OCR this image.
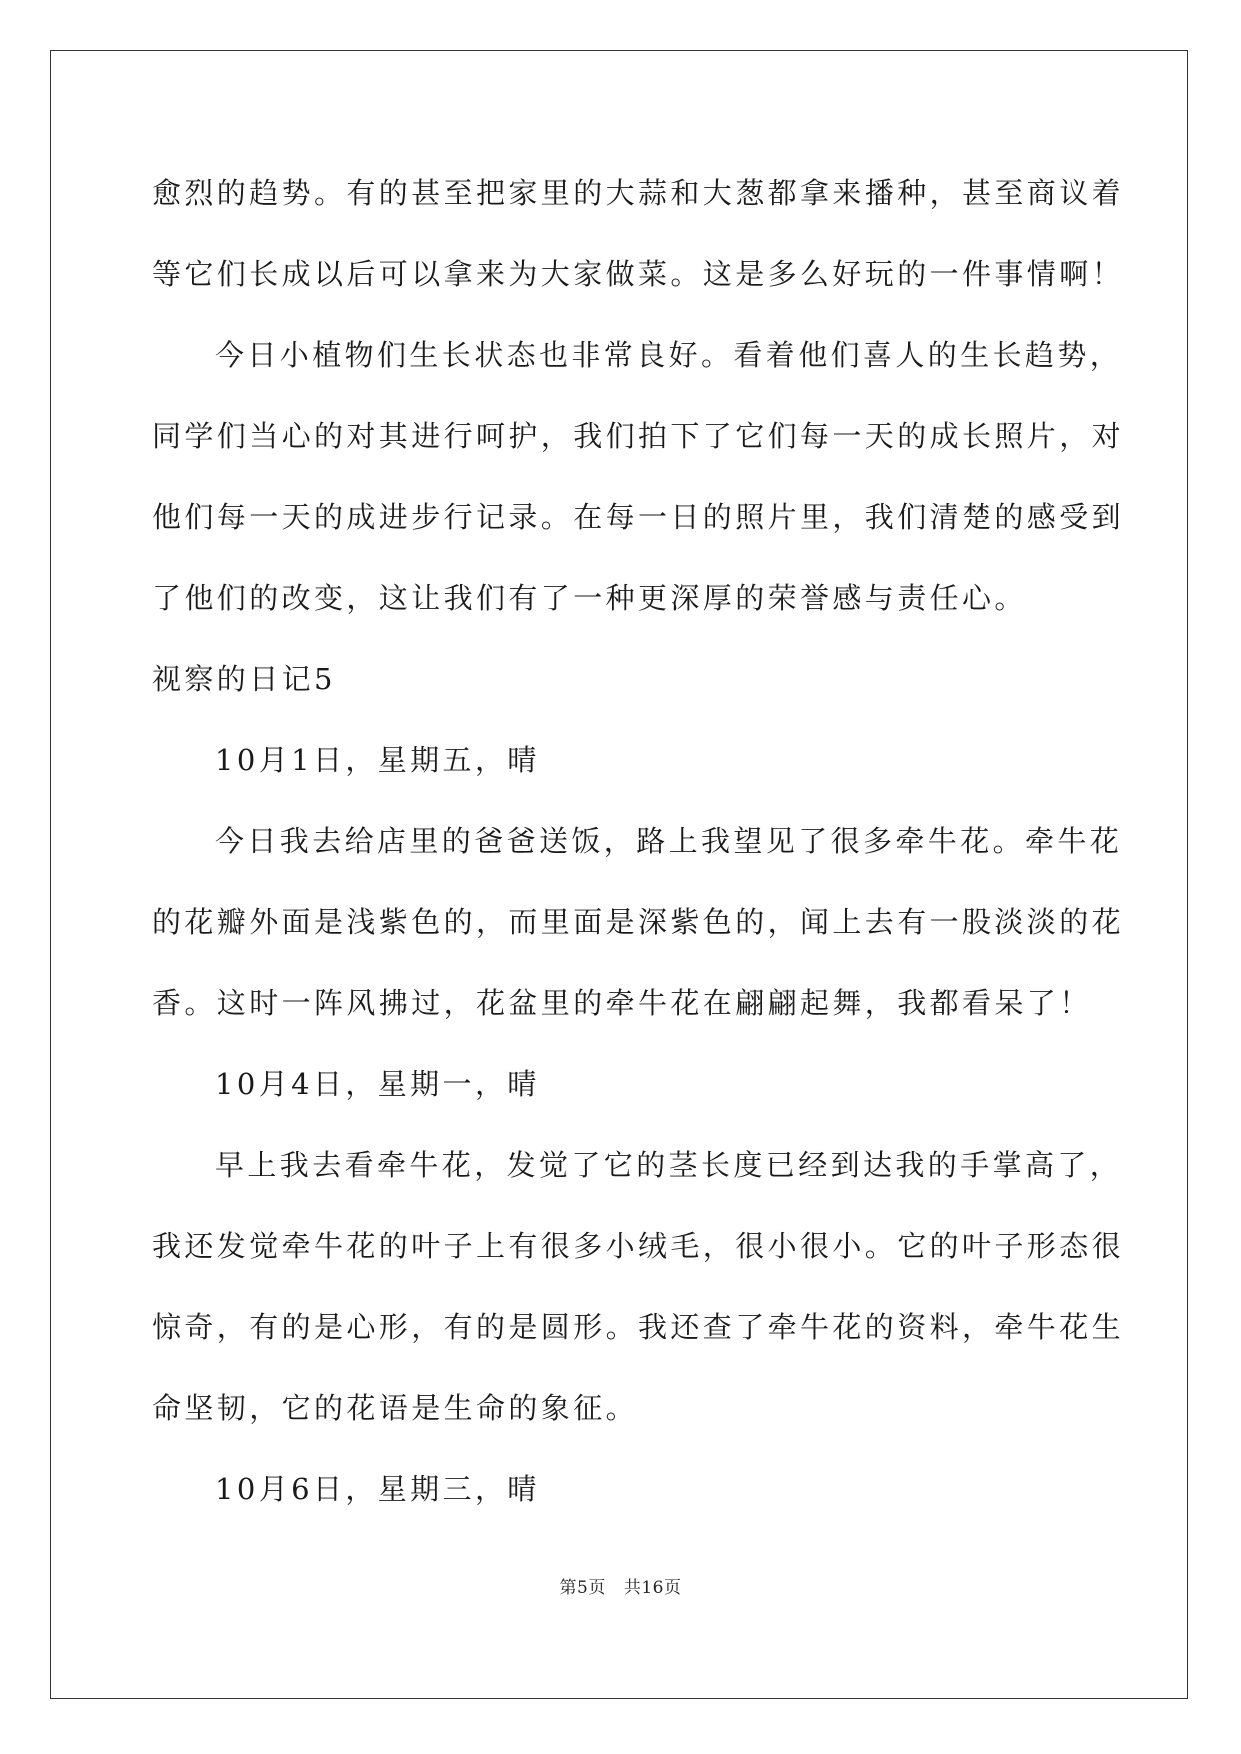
愈烈的趋势。有的甚至把家里的大蒜和大葱都拿来播种，甚至商议着

等它们长成以后可以拿来为大家做菜。这是多么好玩的一件事情啊！

今日小植物们生长状态也非常良好。看着他们喜人的生长趋势，

同学们当心的对其进行呵护，我们拍下了它们每一天的成长照片，对

他们每一天的成进步行记录。在每一日的照片里，我们清楚的感受到

了他们的改变，这让我们有了一种更深厚的荣誉感与责任心。

视察的日记5

10月1日，星期五，晴

今日我去给店里的爸爸送饭，路上我望见了很多牵牛花。牵牛花

的花瓣外面是浅紫色的，而里面是深紫色的，闻上去有一股淡淡的花

香。这时一阵风拂过，花盆里的牵牛花在翩翩起舞，我都看呆了！

10月4日，星期一，晴

早上我去看牵牛花，发觉了它的茎长度已经到达我的手掌高了，

我还发觉牵牛花的叶子上有很多小绒毛，很小很小。它的叶子形态很

惊奇，有的是心形，有的是圆形。我还查了牵牛花的资料，牵牛花生

命坚韧，它的花语是生命的象征。

10月6日，星期三，晴

第5页 共16页
